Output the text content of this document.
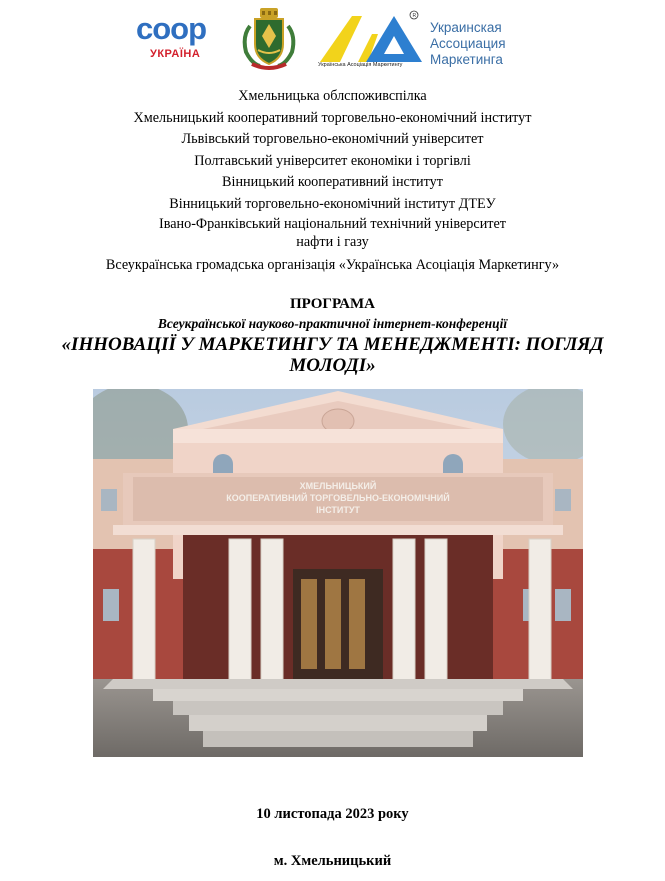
coop
УКРАЇНА
R
Українська Асоціація Маркетингу
Украинская
Ассоциация
Маркетинга
Хмельницька облспоживспілка
Хмельницький кооперативний торговельно-економічний інститут
Львівський торговельно-економічний університет
Полтавський університет економіки і торгівлі
Вінницький кооперативний інститут
Вінницький торговельно-економічний інститут ДТЕУ
Івано-Франківський національний технічний університет
нафти і газу
Всеукраїнська громадська організація «Українська Асоціація Маркетингу»
ПРОГРАМА
Всеукраїнської науково-практичної інтернет-конференції
«ІННОВАЦІЇ У МАРКЕТИНГУ ТА МЕНЕДЖМЕНТІ: ПОГЛЯД
МОЛОДІ»
ХМЕЛЬНИЦЬКИЙ
КООПЕРАТИВНИЙ ТОРГОВЕЛЬНО-ЕКОНОМІЧНИЙ
ІНСТИТУТ
10 листопада 2023 року
м. Хмельницький
